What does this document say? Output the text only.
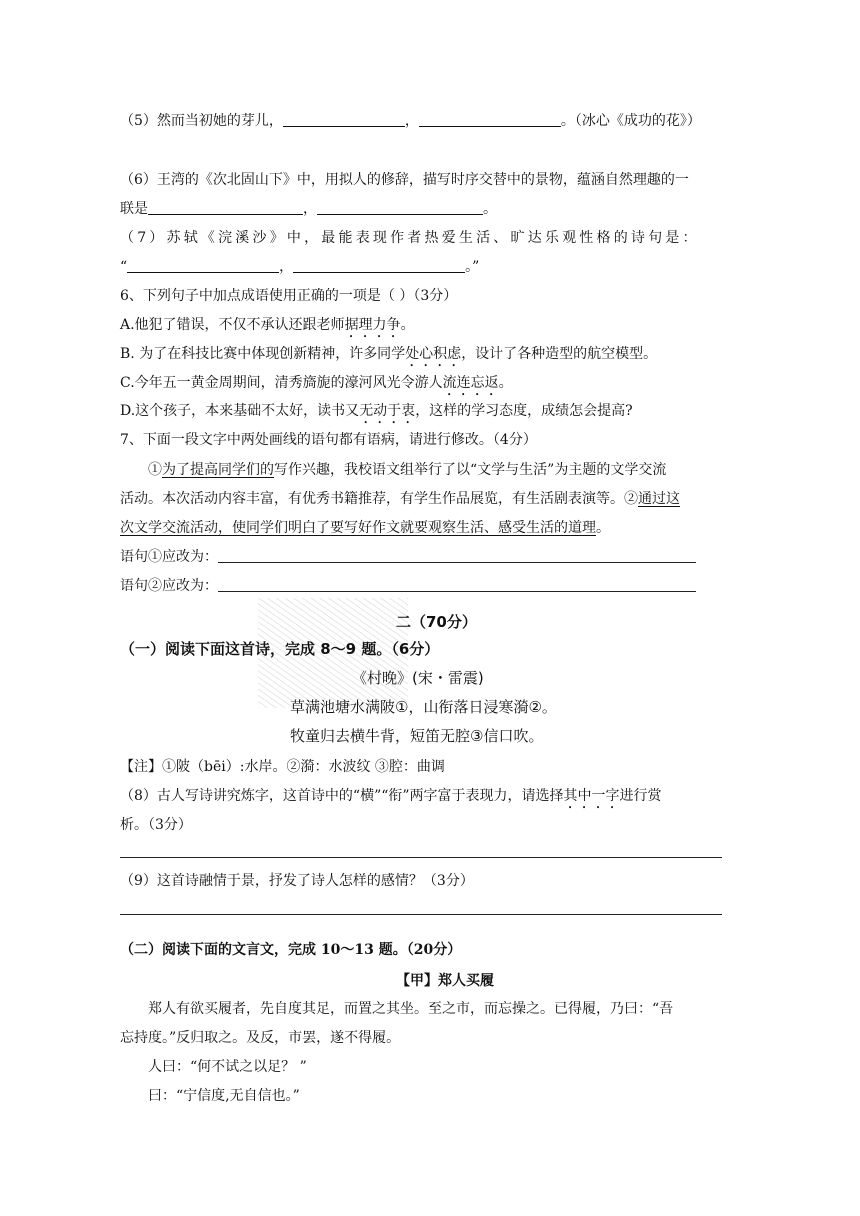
（5）然而当初她的芽儿，	，	。（冰心《成功的花》）
（6）王湾的《次北固山下》中，用拟人的修辞，描写时序交替中的景物，蕴涵自然理趣的一
联是	，	。
（7）苏轼《浣溪沙》中，最能表现作者热爱生活、旷达乐观性格的诗句是：
“	，	。”
6、下列句子中加点成语使用正确的一项是（ ）（3分）
A.他犯了错误，不仅不承认还跟老师据理力争。
B. 为了在科技比赛中体现创新精神，许多同学处心积虑，设计了各种造型的航空模型。
C.今年五一黄金周期间，清秀旖旎的濠河风光令游人流连忘返。
D.这个孩子，本来基础不太好，读书又无动于衷，这样的学习态度，成绩怎会提高?
7、下面一段文字中两处画线的语句都有语病，请进行修改。（4分）
①为了提高同学们的写作兴趣，我校语文组举行了以“文学与生活”为主题的文学交流
活动。本次活动内容丰富，有优秀书籍推荐，有学生作品展览，有生活剧表演等。②通过这
次文学交流活动，使同学们明白了要写好作文就要观察生活、感受生活的道理。
语句①应改为：
语句②应改为：
二（70分）
（一）阅读下面这首诗，完成 8～9 题。（6分）
《村晚》(宋・雷震)
草满池塘水满陂①，山衔落日浸寒漪②。
牧童归去横牛背，短笛无腔③信口吹。
【注】①陂（bēi）:水岸。②漪：水波纹 ③腔：曲调
（8）古人写诗讲究炼字，这首诗中的“横”“衔”两字富于表现力，请选择其中一字进行赏
析。（3分）
（9）这首诗融情于景，抒发了诗人怎样的感情？（3分）
（二）阅读下面的文言文，完成 10～13 题。（20分）
【甲】郑人买履
郑人有欲买履者，先自度其足，而置之其坐。至之市，而忘操之。已得履，乃曰：“吾
忘持度。”反归取之。及反，市罢，遂不得履。
人曰：“何不试之以足？ ”
曰：“宁信度,无自信也。”
